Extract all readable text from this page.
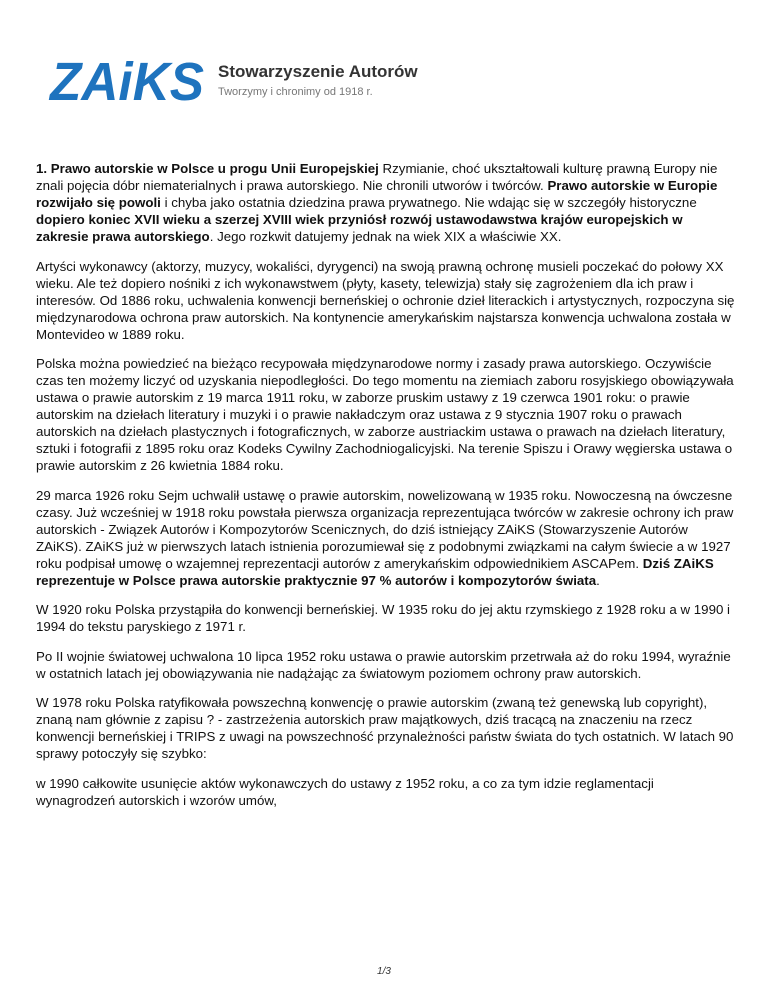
ZAiKS Stowarzyszenie Autorów
Tworzymy i chronimy od 1918 r.

1. Prawo autorskie w Polsce u progu Unii Europejskiej Rzymianie, choć ukształtowali kulturę prawną Europy nie znali pojęcia dóbr niematerialnych i prawa autorskiego. Nie chronili utworów i twórców. Prawo autorskie w Europie rozwijało się powoli i chyba jako ostatnia dziedzina prawa prywatnego. Nie wdając się w szczegóły historyczne dopiero koniec XVII wieku a szerzej XVIII wiek przyniósł rozwój ustawodawstwa krajów europejskich w zakresie prawa autorskiego. Jego rozkwit datujemy jednak na wiek XIX a właściwie XX.

Artyści wykonawcy (aktorzy, muzycy, wokaliści, dyrygenci) na swoją prawną ochronę musieli poczekać do połowy XX wieku. Ale też dopiero nośniki z ich wykonawstwem (płyty, kasety, telewizja) stały się zagrożeniem dla ich praw i interesów. Od 1886 roku, uchwalenia konwencji berneńskiej o ochronie dzieł literackich i artystycznych, rozpoczyna się międzynarodowa ochrona praw autorskich. Na kontynencie amerykańskim najstarsza konwencja uchwalona została w Montevideo w 1889 roku.

Polska można powiedzieć na bieżąco recypowała międzynarodowe normy i zasady prawa autorskiego. Oczywiście czas ten możemy liczyć od uzyskania niepodległości. Do tego momentu na ziemiach zaboru rosyjskiego obowiązywała ustawa o prawie autorskim z 19 marca 1911 roku, w zaborze pruskim ustawy z 19 czerwca 1901 roku: o prawie autorskim na dziełach literatury i muzyki i o prawie nakładczym oraz ustawa z 9 stycznia 1907 roku o prawach autorskich na dziełach plastycznych i fotograficznych, w zaborze austriackim ustawa o prawach na dziełach literatury, sztuki i fotografii z 1895 roku oraz Kodeks Cywilny Zachodniogalicyjski. Na terenie Spiszu i Orawy węgierska ustawa o prawie autorskim z 26 kwietnia 1884 roku.

29 marca 1926 roku Sejm uchwalił ustawę o prawie autorskim, nowelizowaną w 1935 roku. Nowoczesną na ówczesne czasy. Już wcześniej w 1918 roku powstała pierwsza organizacja reprezentująca twórców w zakresie ochrony ich praw autorskich - Związek Autorów i Kompozytorów Scenicznych, do dziś istniejący ZAiKS (Stowarzyszenie Autorów ZAiKS). ZAiKS już w pierwszych latach istnienia porozumiewał się z podobnymi związkami na całym świecie a w 1927 roku podpisał umowę o wzajemnej reprezentacji autorów z amerykańskim odpowiednikiem ASCAPem. Dziś ZAiKS reprezentuje w Polsce prawa autorskie praktycznie 97 % autorów i kompozytorów świata.

W 1920 roku Polska przystąpiła do konwencji berneńskiej. W 1935 roku do jej aktu rzymskiego z 1928 roku a w 1990 i 1994 do tekstu paryskiego z 1971 r.

Po II wojnie światowej uchwalona 10 lipca 1952 roku ustawa o prawie autorskim przetrwała aż do roku 1994, wyraźnie w ostatnich latach jej obowiązywania nie nadążając za światowym poziomem ochrony praw autorskich.

W 1978 roku Polska ratyfikowała powszechną konwencję o prawie autorskim (zwaną też genewską lub copyright), znaną nam głównie z zapisu ? - zastrzeżenia autorskich praw majątkowych, dziś tracącą na znaczeniu na rzecz konwencji berneńskiej i TRIPS z uwagi na powszechność przynależności państw świata do tych ostatnich. W latach 90 sprawy potoczyły się szybko:

w 1990 całkowite usunięcie aktów wykonawczych do ustawy z 1952 roku, a co za tym idzie reglamentacji wynagrodzeń autorskich i wzorów umów,

1/3
